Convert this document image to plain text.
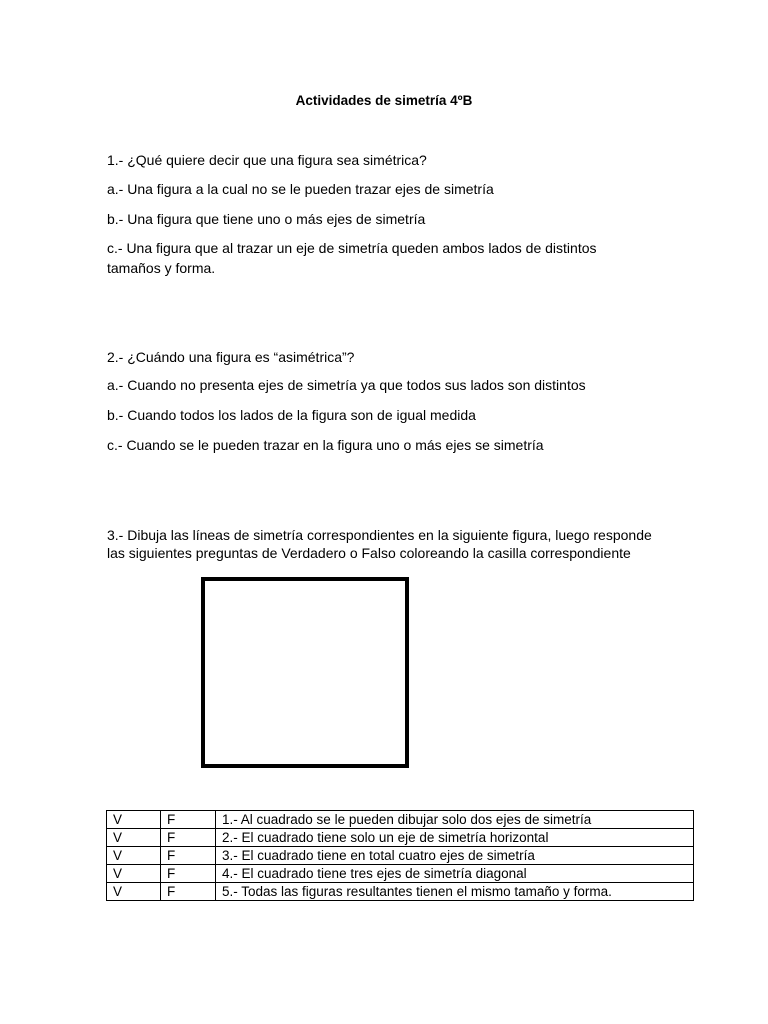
Actividades de simetría 4ºB
1.- ¿Qué quiere decir que una figura sea simétrica?
a.- Una figura a la cual no se le pueden trazar ejes de simetría
b.- Una figura que tiene uno o más ejes de simetría
c.- Una figura que al trazar un eje de simetría queden ambos lados de distintos
tamaños y forma.
2.- ¿Cuándo una figura es “asimétrica”?
a.- Cuando no presenta ejes de simetría ya que todos sus lados son distintos
b.- Cuando todos los lados de la figura son de igual medida
c.- Cuando se le pueden trazar en la figura uno o más ejes se simetría
3.- Dibuja las líneas de simetría correspondientes en la siguiente figura, luego responde
las siguientes preguntas de Verdadero o Falso coloreando la casilla correspondiente
V	F	1.- Al cuadrado se le pueden dibujar solo dos ejes de simetría
V	F	2.- El cuadrado tiene solo un eje de simetría horizontal
V	F	3.- El cuadrado tiene en total cuatro ejes de simetría
V	F	4.- El cuadrado tiene tres ejes de simetría diagonal
V	F	5.- Todas las figuras resultantes tienen el mismo tamaño y forma.
